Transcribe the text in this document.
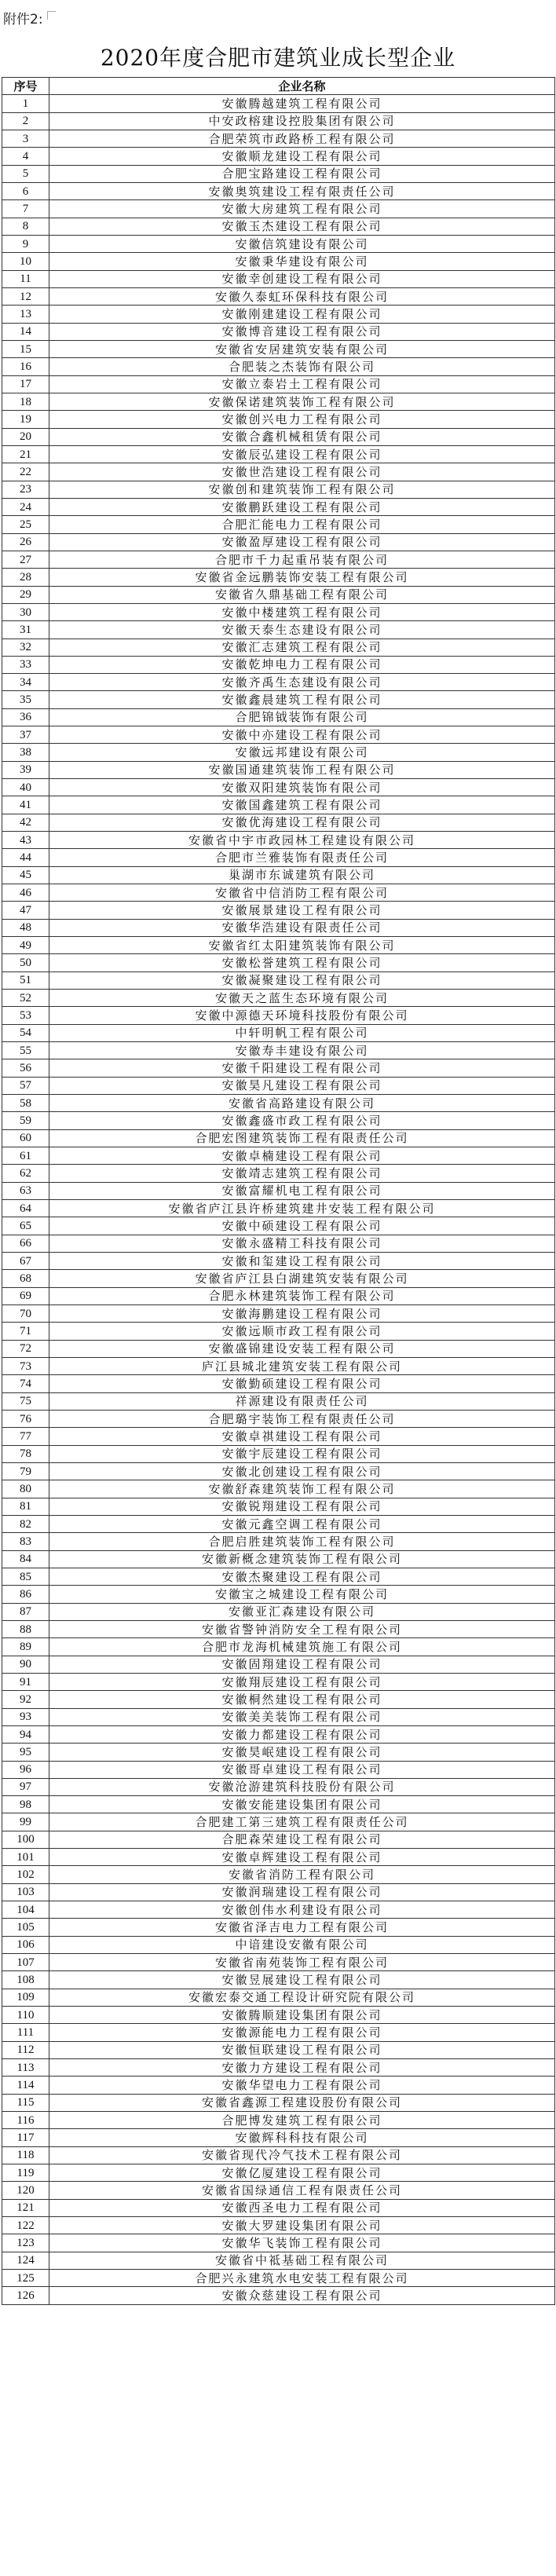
附件2:
2020年度合肥市建筑业成长型企业
序号	企业名称
1	安徽腾越建筑工程有限公司
2	中安政榕建设控股集团有限公司
3	合肥荣筑市政路桥工程有限公司
4	安徽顺龙建设工程有限公司
5	合肥宝路建设工程有限公司
6	安徽奥筑建设工程有限责任公司
7	安徽大房建筑工程有限公司
8	安徽玉杰建设工程有限公司
9	安徽信筑建设有限公司
10	安徽秉华建设有限公司
11	安徽幸创建设工程有限公司
12	安徽久泰虹环保科技有限公司
13	安徽刚建建设工程有限公司
14	安徽博音建设工程有限公司
15	安徽省安居建筑安装有限公司
16	合肥装之杰装饰有限公司
17	安徽立泰岩土工程有限公司
18	安徽保诺建筑装饰工程有限公司
19	安徽创兴电力工程有限公司
20	安徽合鑫机械租赁有限公司
21	安徽辰弘建设工程有限公司
22	安徽世浩建设工程有限公司
23	安徽创和建筑装饰工程有限公司
24	安徽鹏跃建设工程有限公司
25	合肥汇能电力工程有限公司
26	安徽盈厚建设工程有限公司
27	合肥市千力起重吊装有限公司
28	安徽省金远鹏装饰安装工程有限公司
29	安徽省久鼎基础工程有限公司
30	安徽中楼建筑工程有限公司
31	安徽天泰生态建设有限公司
32	安徽汇志建筑工程有限公司
33	安徽乾坤电力工程有限公司
34	安徽齐禹生态建设有限公司
35	安徽鑫晨建筑工程有限公司
36	合肥锦钺装饰有限公司
37	安徽中亦建设工程有限公司
38	安徽远邦建设有限公司
39	安徽国通建筑装饰工程有限公司
40	安徽双阳建筑装饰有限公司
41	安徽国鑫建筑工程有限公司
42	安徽优海建设工程有限公司
43	安徽省中宇市政园林工程建设有限公司
44	合肥市兰雅装饰有限责任公司
45	巢湖市东诚建筑有限公司
46	安徽省中信消防工程有限公司
47	安徽展景建设工程有限公司
48	安徽华浩建设有限责任公司
49	安徽省红太阳建筑装饰有限公司
50	安徽松誉建筑工程有限公司
51	安徽凝聚建设工程有限公司
52	安徽天之蓝生态环境有限公司
53	安徽中源德天环境科技股份有限公司
54	中轩明帆工程有限公司
55	安徽寿丰建设有限公司
56	安徽千阳建设工程有限公司
57	安徽昊凡建设工程有限公司
58	安徽省高路建设有限公司
59	安徽鑫盛市政工程有限公司
60	合肥宏图建筑装饰工程有限责任公司
61	安徽卓楠建设工程有限公司
62	安徽靖志建筑工程有限公司
63	安徽富耀机电工程有限公司
64	安徽省庐江县许桥建筑建井安装工程有限公司
65	安徽中硕建设工程有限公司
66	安徽永盛精工科技有限公司
67	安徽和玺建设工程有限公司
68	安徽省庐江县白湖建筑安装有限公司
69	合肥永林建筑装饰工程有限公司
70	安徽海鹏建设工程有限公司
71	安徽远顺市政工程有限公司
72	安徽盛锦建设安装工程有限公司
73	庐江县城北建筑安装工程有限公司
74	安徽勤硕建设工程有限公司
75	祥源建设有限责任公司
76	合肥璐宇装饰工程有限责任公司
77	安徽卓祺建设工程有限公司
78	安徽宇辰建设工程有限公司
79	安徽北创建设工程有限公司
80	安徽舒森建筑装饰工程有限公司
81	安徽锐翔建设工程有限公司
82	安徽元鑫空调工程有限公司
83	合肥启胜建筑装饰工程有限公司
84	安徽新概念建筑装饰工程有限公司
85	安徽杰聚建设工程有限公司
86	安徽宝之城建设工程有限公司
87	安徽亚汇森建设有限公司
88	安徽省警钟消防安全工程有限公司
89	合肥市龙海机械建筑施工有限公司
90	安徽固翔建设工程有限公司
91	安徽翔辰建设工程有限公司
92	安徽桐然建设工程有限公司
93	安徽美美装饰工程有限公司
94	安徽力都建设工程有限公司
95	安徽昊岷建设工程有限公司
96	安徽哥卓建设工程有限公司
97	安徽沧游建筑科技股份有限公司
98	安徽安能建设集团有限公司
99	合肥建工第三建筑工程有限责任公司
100	合肥森荣建设工程有限公司
101	安徽卓辉建设工程有限公司
102	安徽省消防工程有限公司
103	安徽润瑞建设工程有限公司
104	安徽创伟水利建设有限公司
105	安徽省泽吉电力工程有限公司
106	中谙建设安徽有限公司
107	安徽省南苑装饰工程有限公司
108	安徽昱展建设工程有限公司
109	安徽宏泰交通工程设计研究院有限公司
110	安徽腾顺建设集团有限公司
111	安徽源能电力工程有限公司
112	安徽恒联建设工程有限公司
113	安徽力方建设工程有限公司
114	安徽华望电力工程有限公司
115	安徽省鑫源工程建设股份有限公司
116	合肥博发建筑工程有限公司
117	安徽辉科科技有限公司
118	安徽省现代冷气技术工程有限公司
119	安徽亿厦建设工程有限公司
120	安徽省国绿通信工程有限责任公司
121	安徽西圣电力工程有限公司
122	安徽大罗建设集团有限公司
123	安徽华飞装饰工程有限公司
124	安徽省中祗基础工程有限公司
125	合肥兴永建筑水电安装工程有限公司
126	安徽众慈建设工程有限公司
